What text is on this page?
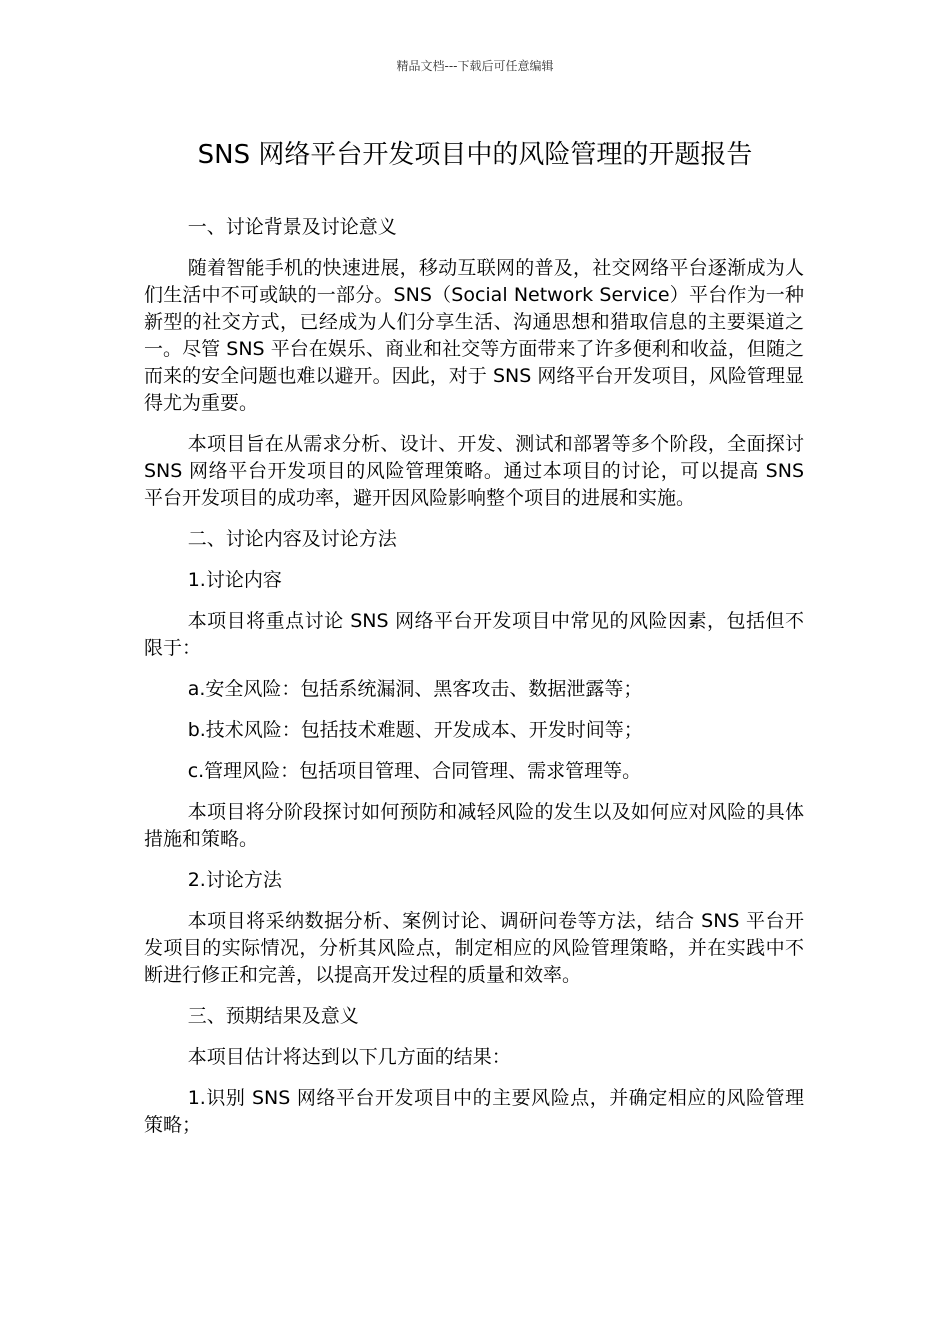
精品文档---下载后可任意编辑
SNS 网络平台开发项目中的风险管理的开题报告

一、讨论背景及讨论意义

随着智能手机的快速进展，移动互联网的普及，社交网络平台逐渐成为人们生活中不可或缺的一部分。SNS（Social Network Service）平台作为一种新型的社交方式，已经成为人们分享生活、沟通思想和猎取信息的主要渠道之一。尽管 SNS 平台在娱乐、商业和社交等方面带来了许多便利和收益，但随之而来的安全问题也难以避开。因此，对于 SNS 网络平台开发项目，风险管理显得尤为重要。

本项目旨在从需求分析、设计、开发、测试和部署等多个阶段，全面探讨 SNS 网络平台开发项目的风险管理策略。通过本项目的讨论，可以提高 SNS 平台开发项目的成功率，避开因风险影响整个项目的进展和实施。

二、讨论内容及讨论方法

1.讨论内容

本项目将重点讨论 SNS 网络平台开发项目中常见的风险因素，包括但不限于：

a.安全风险：包括系统漏洞、黑客攻击、数据泄露等；

b.技术风险：包括技术难题、开发成本、开发时间等；

c.管理风险：包括项目管理、合同管理、需求管理等。

本项目将分阶段探讨如何预防和减轻风险的发生以及如何应对风险的具体措施和策略。

2.讨论方法

本项目将采纳数据分析、案例讨论、调研问卷等方法，结合 SNS 平台开发项目的实际情况，分析其风险点，制定相应的风险管理策略，并在实践中不断进行修正和完善，以提高开发过程的质量和效率。

三、预期结果及意义

本项目估计将达到以下几方面的结果：

1.识别 SNS 网络平台开发项目中的主要风险点，并确定相应的风险管理策略；
